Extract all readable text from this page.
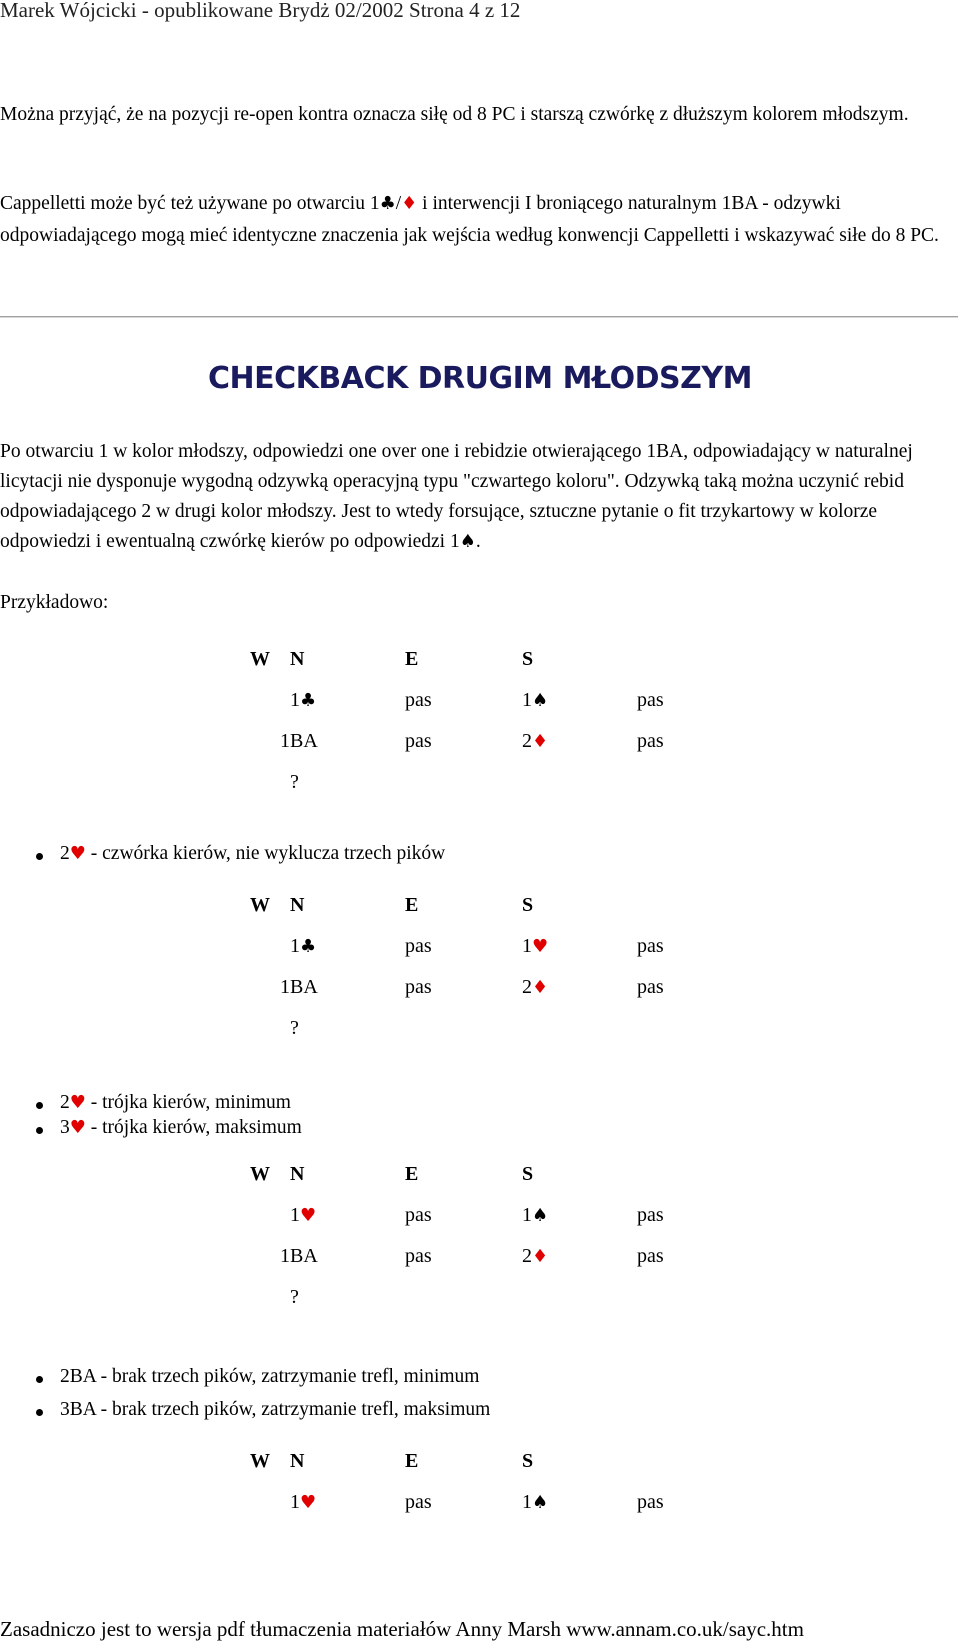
Marek Wójcicki - opublikowane Brydż 02/2002 Strona 4 z 12
Można przyjąć, że na pozycji re-open kontra oznacza siłę od 8 PC i starszą czwórkę z dłuższym kolorem młodszym.
Cappelletti może być też używane po otwarciu 1♣/♦ i interwencji I broniącego naturalnym 1BA - odzywki odpowiadającego mogą mieć identyczne znaczenia jak wejścia według konwencji Cappelletti i wskazywać siłe do 8 PC.
CHECKBACK DRUGIM MŁODSZYM
Po otwarciu 1 w kolor młodszy, odpowiedzi one over one i rebidzie otwierającego 1BA, odpowiadający w naturalnej licytacji nie dysponuje wygodną odzywką operacyjną typu "czwartego koloru". Odzywką taką można uczynić rebid odpowiadającego 2 w drugi kolor młodszy. Jest to wtedy forsujące, sztuczne pytanie o fit trzykartowy w kolorze odpowiedzi i ewentualną czwórkę kierów po odpowiedzi 1♠.
Przykładowo:
W N	E	S
1♣	pas	1♠	pas
1BA	pas	2♦	pas
?
2♥ - czwórka kierów, nie wyklucza trzech pików
W N	E	S
1♣	pas	1♥	pas
1BA	pas	2♦	pas
?
2♥ - trójka kierów, minimum
3♥ - trójka kierów, maksimum
W N	E	S
1♥	pas	1♠	pas
1BA	pas	2♦	pas
?
2BA - brak trzech pików, zatrzymanie trefl, minimum
3BA - brak trzech pików, zatrzymanie trefl, maksimum
W N	E	S
1♥	pas	1♠	pas
Zasadniczo jest to wersja pdf tłumaczenia materiałów Anny Marsh www.annam.co.uk/sayc.htm
